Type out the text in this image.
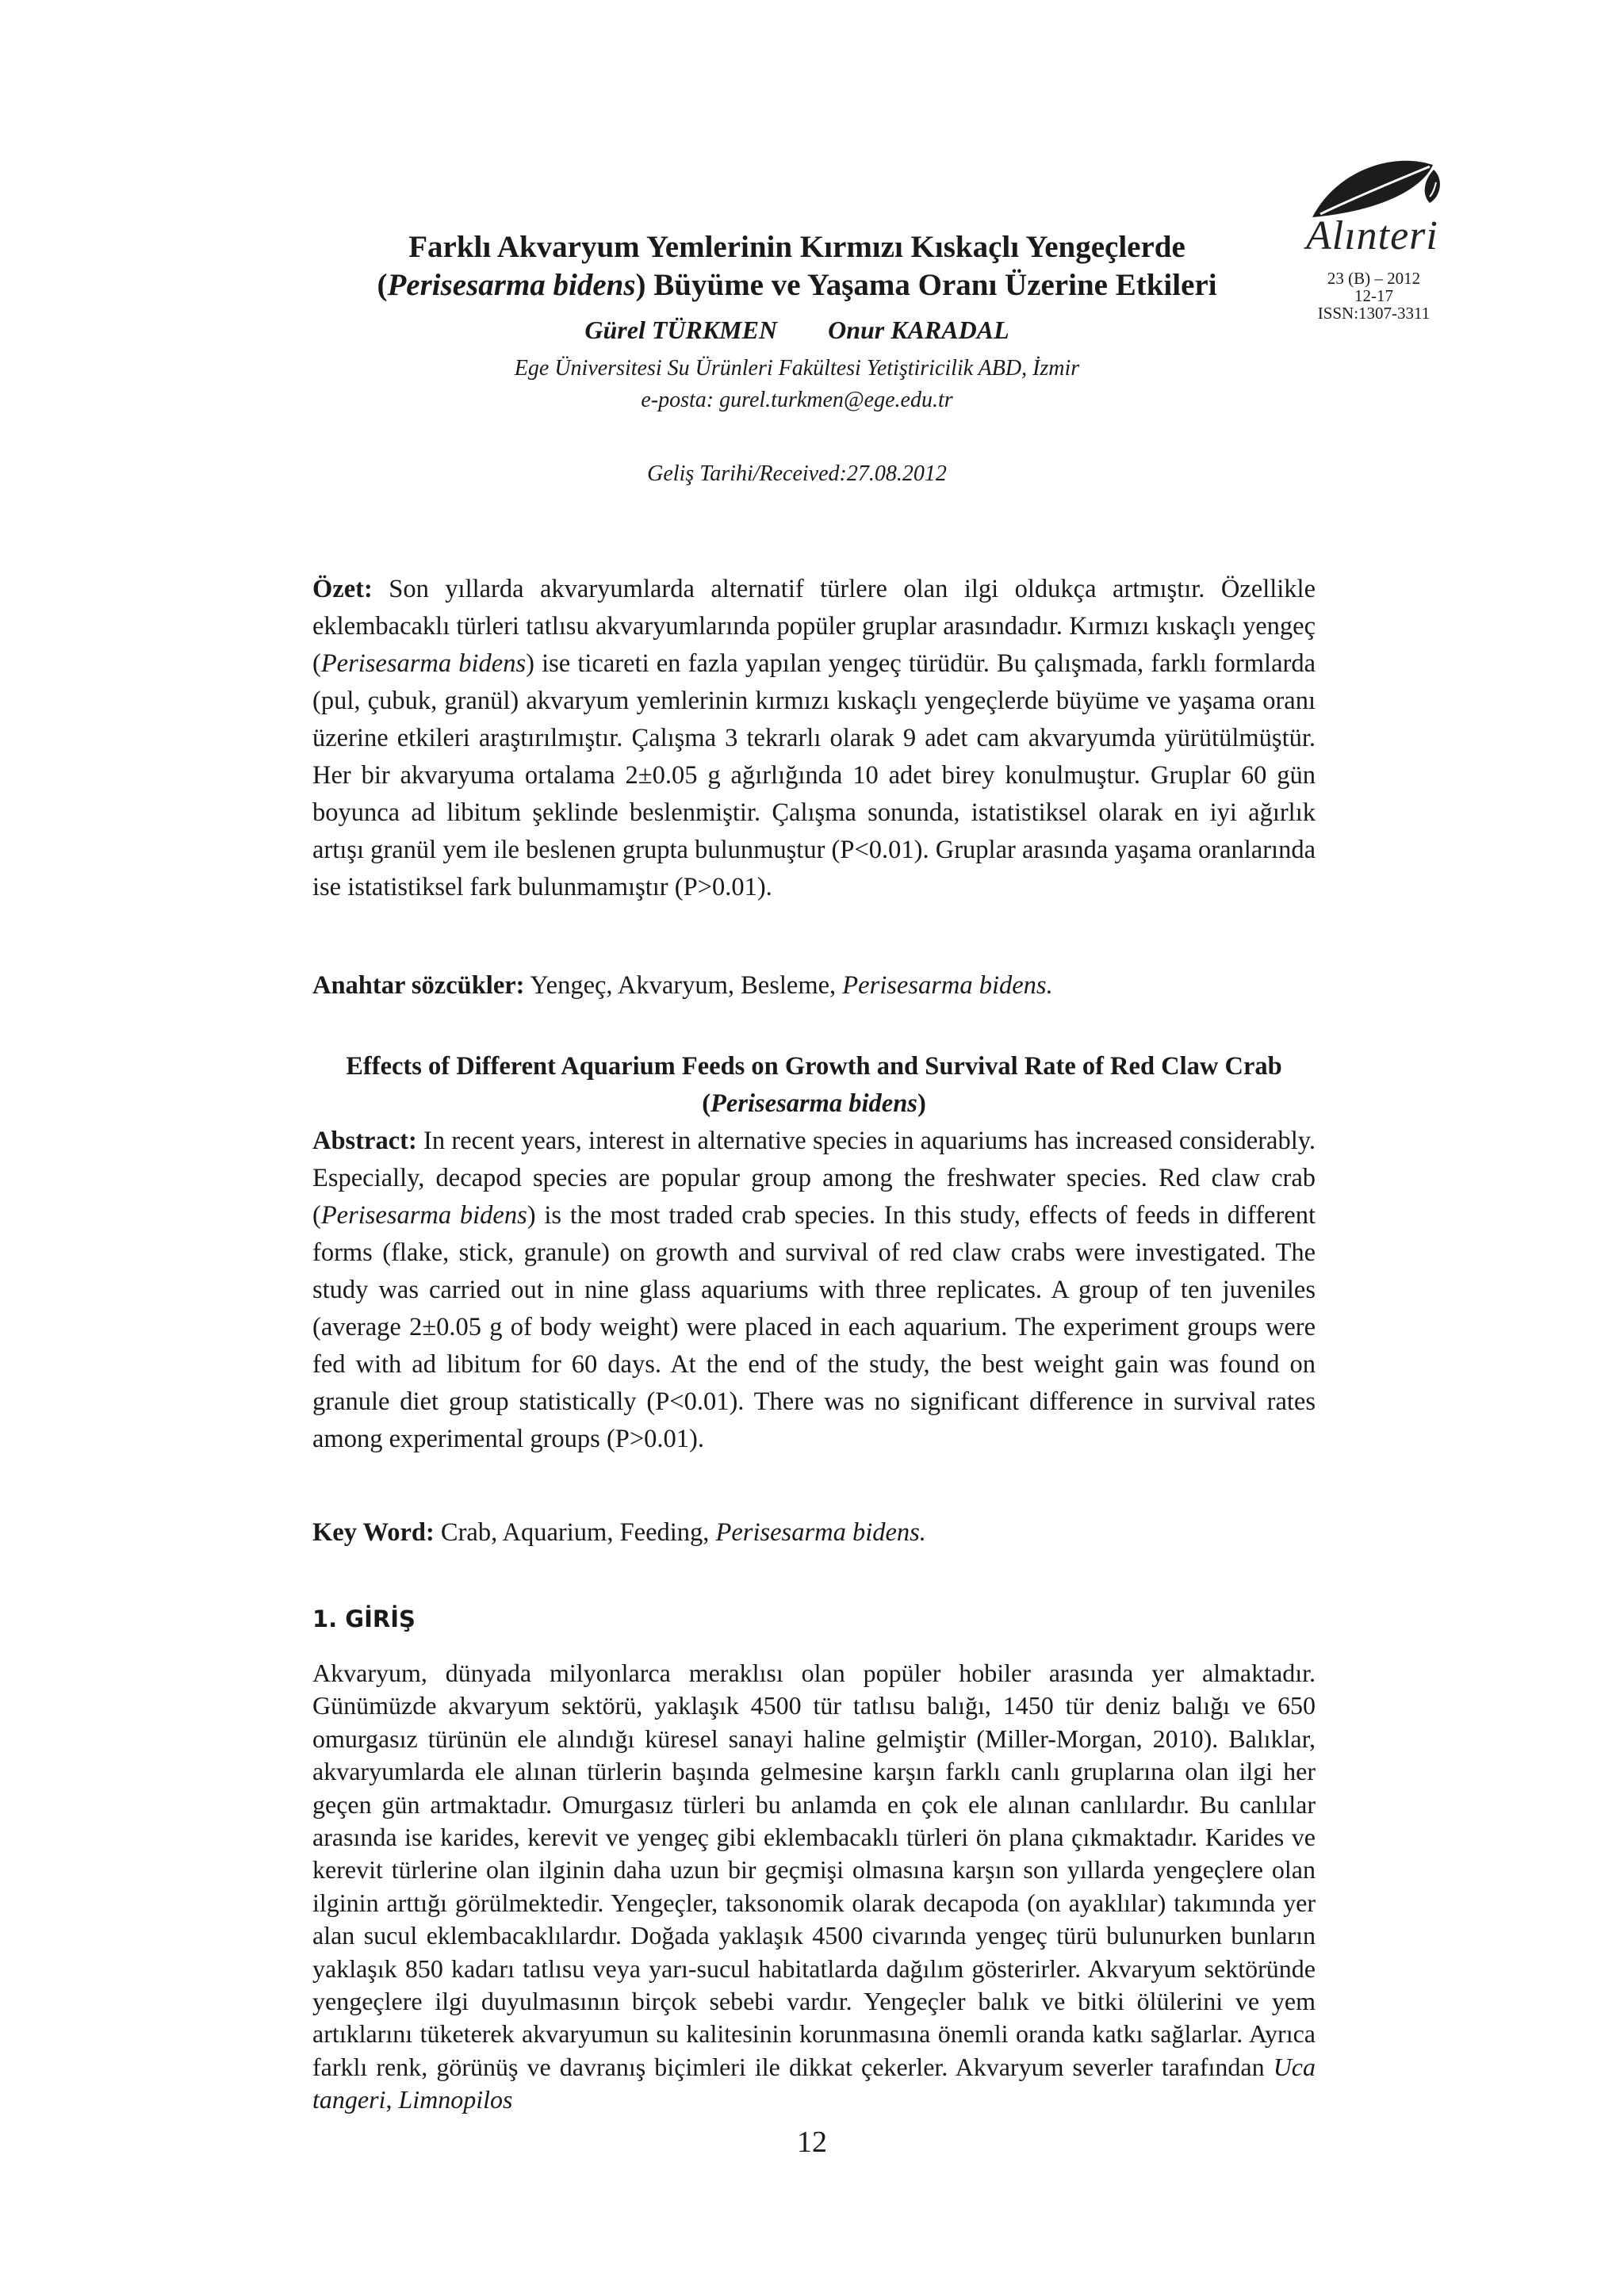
Alınteri
23 (B) – 2012
12-17
ISSN:1307-3311
Farklı Akvaryum Yemlerinin Kırmızı Kıskaçlı Yengeçlerde
(Perisesarma bidens) Büyüme ve Yaşama Oranı Üzerine Etkileri
Gürel TÜRKMEN Onur KARADAL
Ege Üniversitesi Su Ürünleri Fakültesi Yetiştiricilik ABD, İzmir
e-posta: gurel.turkmen@ege.edu.tr
Geliş Tarihi/Received:27.08.2012
Özet: Son yıllarda akvaryumlarda alternatif türlere olan ilgi oldukça artmıştır. Özellikle eklembacaklı türleri tatlısu akvaryumlarında popüler gruplar arasındadır. Kırmızı kıskaçlı yengeç (Perisesarma bidens) ise ticareti en fazla yapılan yengeç türüdür. Bu çalışmada, farklı formlarda (pul, çubuk, granül) akvaryum yemlerinin kırmızı kıskaçlı yengeçlerde büyüme ve yaşama oranı üzerine etkileri araştırılmıştır. Çalışma 3 tekrarlı olarak 9 adet cam akvaryumda yürütülmüştür. Her bir akvaryuma ortalama 2±0.05 g ağırlığında 10 adet birey konulmuştur. Gruplar 60 gün boyunca ad libitum şeklinde beslenmiştir. Çalışma sonunda, istatistiksel olarak en iyi ağırlık artışı granül yem ile beslenen grupta bulunmuştur (P<0.01). Gruplar arasında yaşama oranlarında ise istatistiksel fark bulunmamıştır (P>0.01).
Anahtar sözcükler: Yengeç, Akvaryum, Besleme, Perisesarma bidens.
Effects of Different Aquarium Feeds on Growth and Survival Rate of Red Claw Crab
(Perisesarma bidens)
Abstract: In recent years, interest in alternative species in aquariums has increased considerably. Especially, decapod species are popular group among the freshwater species. Red claw crab (Perisesarma bidens) is the most traded crab species. In this study, effects of feeds in different forms (flake, stick, granule) on growth and survival of red claw crabs were investigated. The study was carried out in nine glass aquariums with three replicates. A group of ten juveniles (average 2±0.05 g of body weight) were placed in each aquarium. The experiment groups were fed with ad libitum for 60 days. At the end of the study, the best weight gain was found on granule diet group statistically (P<0.01). There was no significant difference in survival rates among experimental groups (P>0.01).
Key Word: Crab, Aquarium, Feeding, Perisesarma bidens.
1. GİRİŞ
Akvaryum, dünyada milyonlarca meraklısı olan popüler hobiler arasında yer almaktadır. Günümüzde akvaryum sektörü, yaklaşık 4500 tür tatlısu balığı, 1450 tür deniz balığı ve 650 omurgasız türünün ele alındığı küresel sanayi haline gelmiştir (Miller-Morgan, 2010). Balıklar, akvaryumlarda ele alınan türlerin başında gelmesine karşın farklı canlı gruplarına olan ilgi her geçen gün artmaktadır. Omurgasız türleri bu anlamda en çok ele alınan canlılardır. Bu canlılar arasında ise karides, kerevit ve yengeç gibi eklembacaklı türleri ön plana çıkmaktadır. Karides ve kerevit türlerine olan ilginin daha uzun bir geçmişi olmasına karşın son yıllarda yengeçlere olan ilginin arttığı görülmektedir. Yengeçler, taksonomik olarak decapoda (on ayaklılar) takımında yer alan sucul eklembacaklılardır. Doğada yaklaşık 4500 civarında yengeç türü bulunurken bunların yaklaşık 850 kadarı tatlısu veya yarı-sucul habitatlarda dağılım gösterirler. Akvaryum sektöründe yengeçlere ilgi duyulmasının birçok sebebi vardır. Yengeçler balık ve bitki ölülerini ve yem artıklarını tüketerek akvaryumun su kalitesinin korunmasına önemli oranda katkı sağlarlar. Ayrıca farklı renk, görünüş ve davranış biçimleri ile dikkat çekerler. Akvaryum severler tarafından Uca tangeri, Limnopilos
12
